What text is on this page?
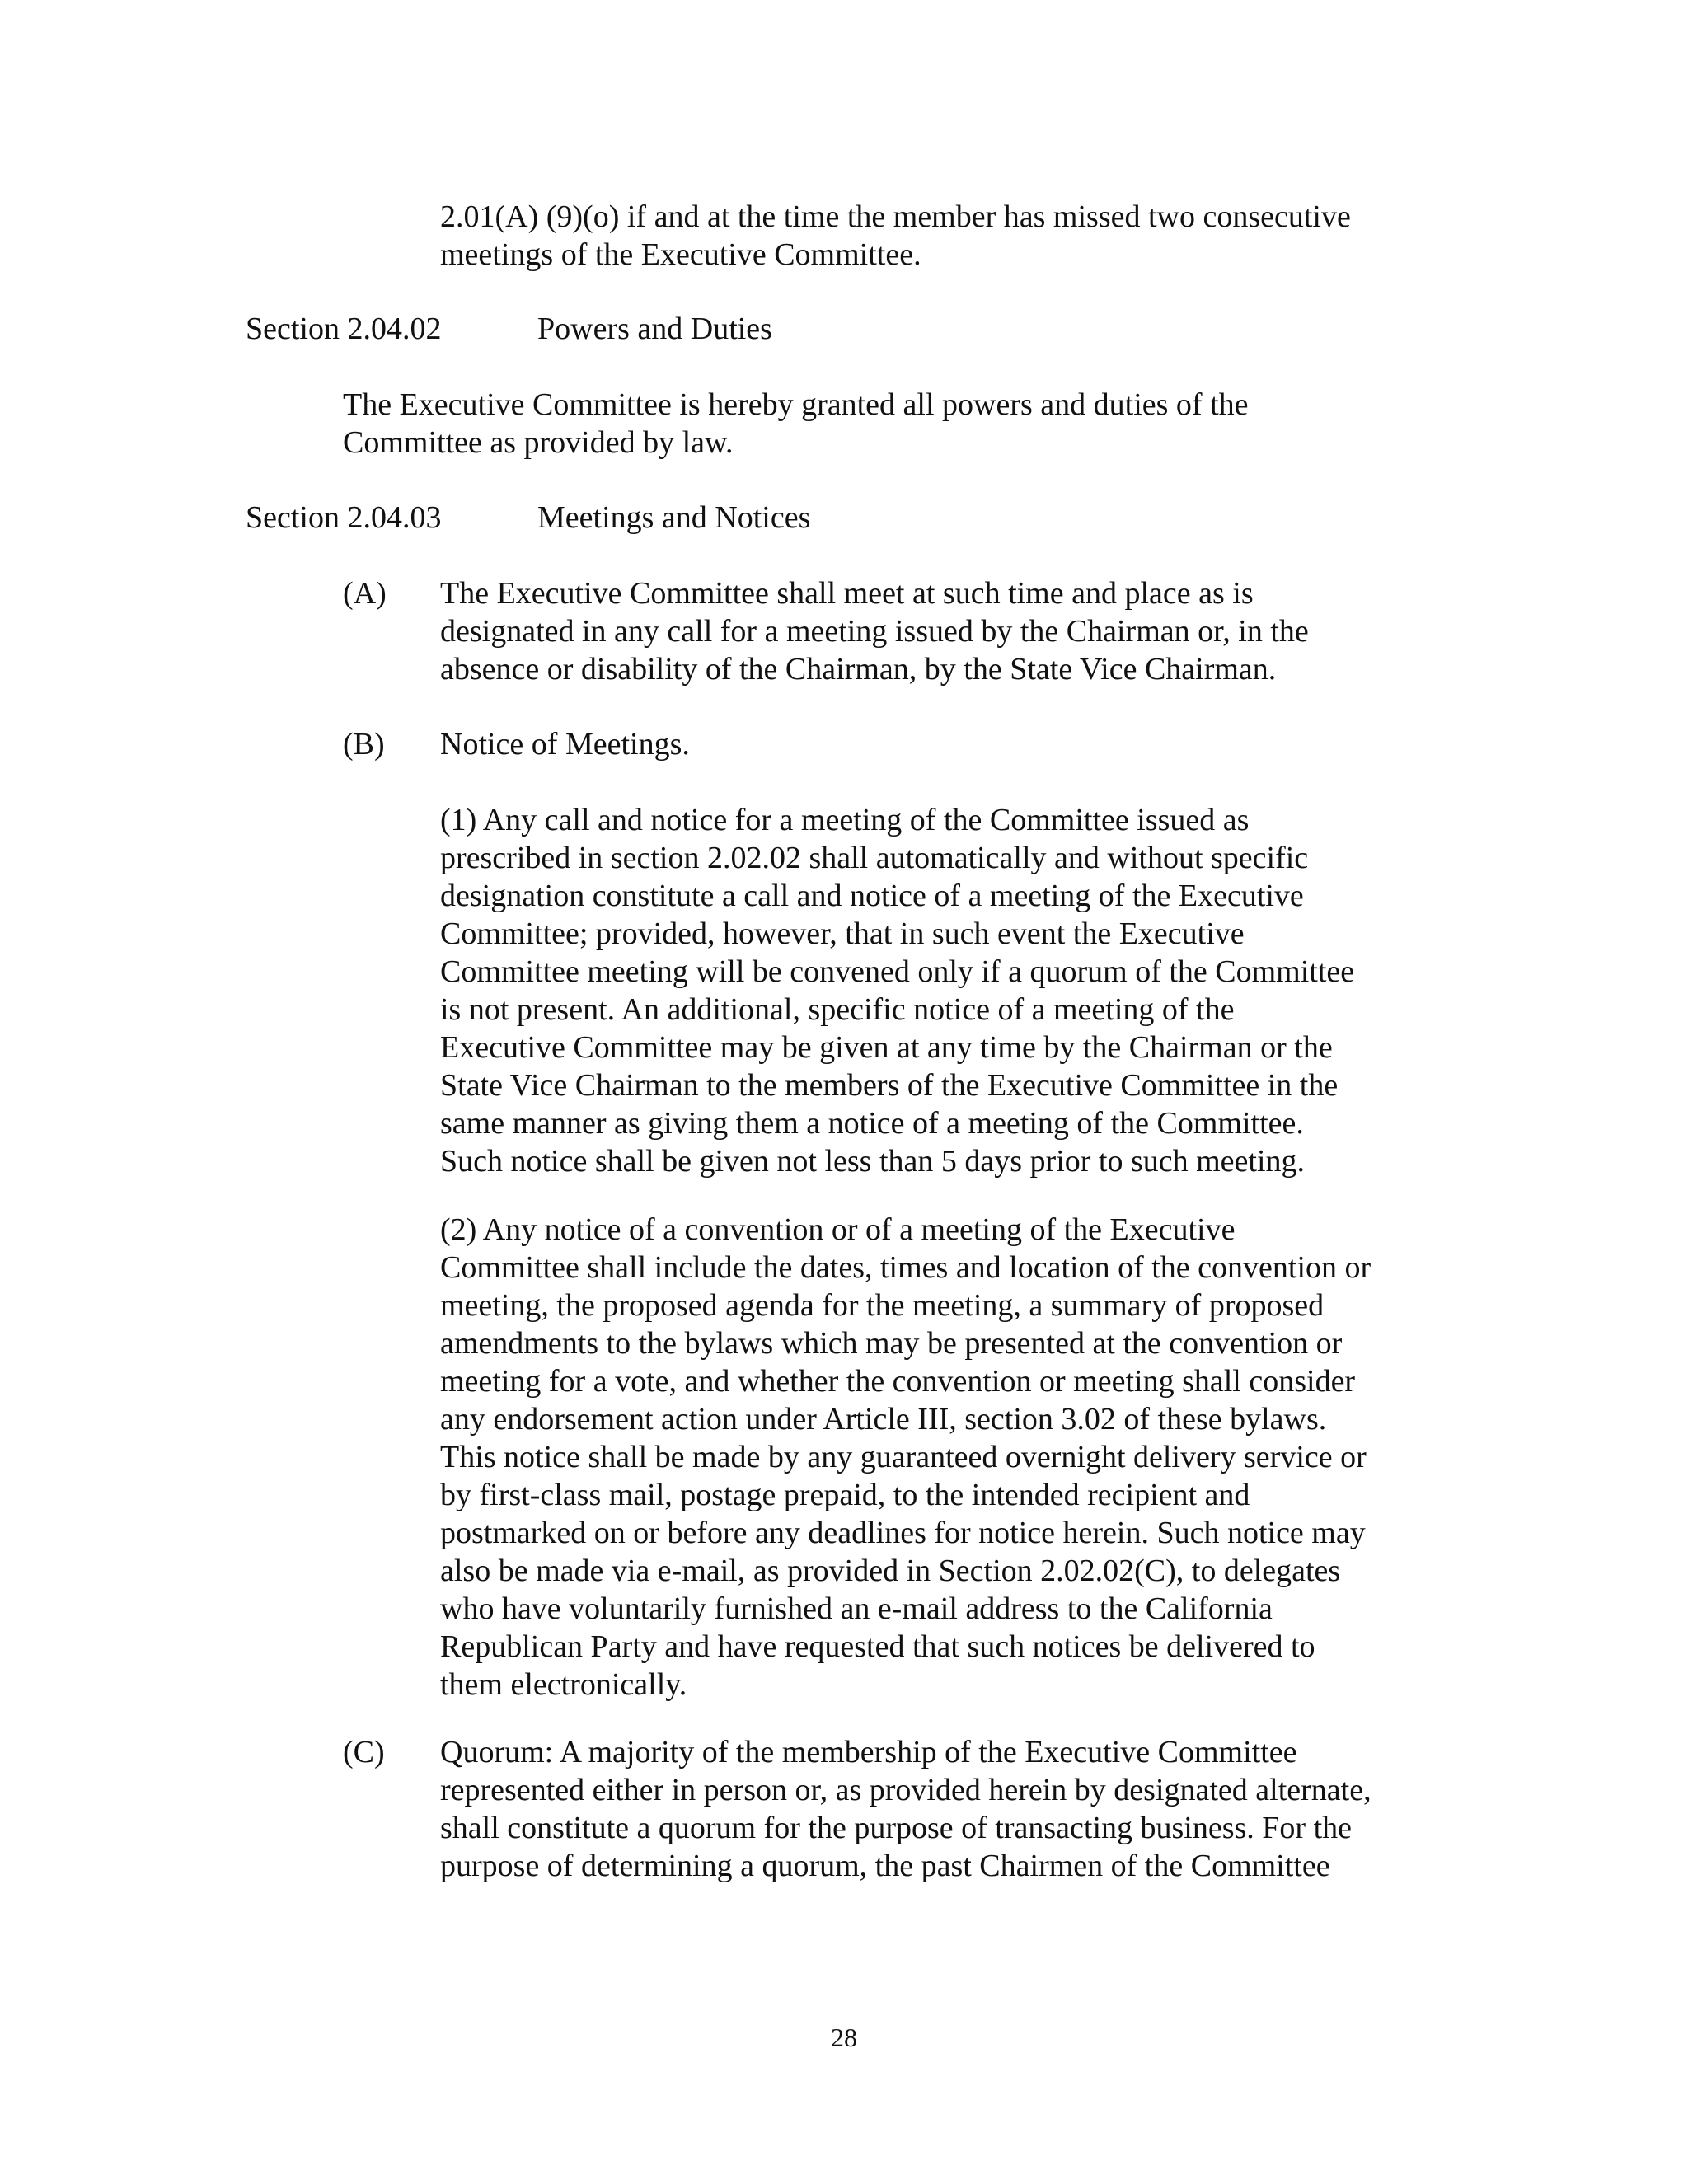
2.01(A) (9)(o) if and at the time the member has missed two consecutive
meetings of the Executive Committee.
Section 2.04.02	Powers and Duties
The Executive Committee is hereby granted all powers and duties of the
Committee as provided by law.
Section 2.04.03	Meetings and Notices
(A) The Executive Committee shall meet at such time and place as is
designated in any call for a meeting issued by the Chairman or, in the
absence or disability of the Chairman, by the State Vice Chairman.
(B) Notice of Meetings.
(1) Any call and notice for a meeting of the Committee issued as
prescribed in section 2.02.02 shall automatically and without specific
designation constitute a call and notice of a meeting of the Executive
Committee; provided, however, that in such event the Executive
Committee meeting will be convened only if a quorum of the Committee
is not present. An additional, specific notice of a meeting of the
Executive Committee may be given at any time by the Chairman or the
State Vice Chairman to the members of the Executive Committee in the
same manner as giving them a notice of a meeting of the Committee.
Such notice shall be given not less than 5 days prior to such meeting.
(2) Any notice of a convention or of a meeting of the Executive
Committee shall include the dates, times and location of the convention or
meeting, the proposed agenda for the meeting, a summary of proposed
amendments to the bylaws which may be presented at the convention or
meeting for a vote, and whether the convention or meeting shall consider
any endorsement action under Article III, section 3.02 of these bylaws.
This notice shall be made by any guaranteed overnight delivery service or
by first-class mail, postage prepaid, to the intended recipient and
postmarked on or before any deadlines for notice herein. Such notice may
also be made via e-mail, as provided in Section 2.02.02(C), to delegates
who have voluntarily furnished an e-mail address to the California
Republican Party and have requested that such notices be delivered to
them electronically.
(C) Quorum: A majority of the membership of the Executive Committee
represented either in person or, as provided herein by designated alternate,
shall constitute a quorum for the purpose of transacting business. For the
purpose of determining a quorum, the past Chairmen of the Committee
28
